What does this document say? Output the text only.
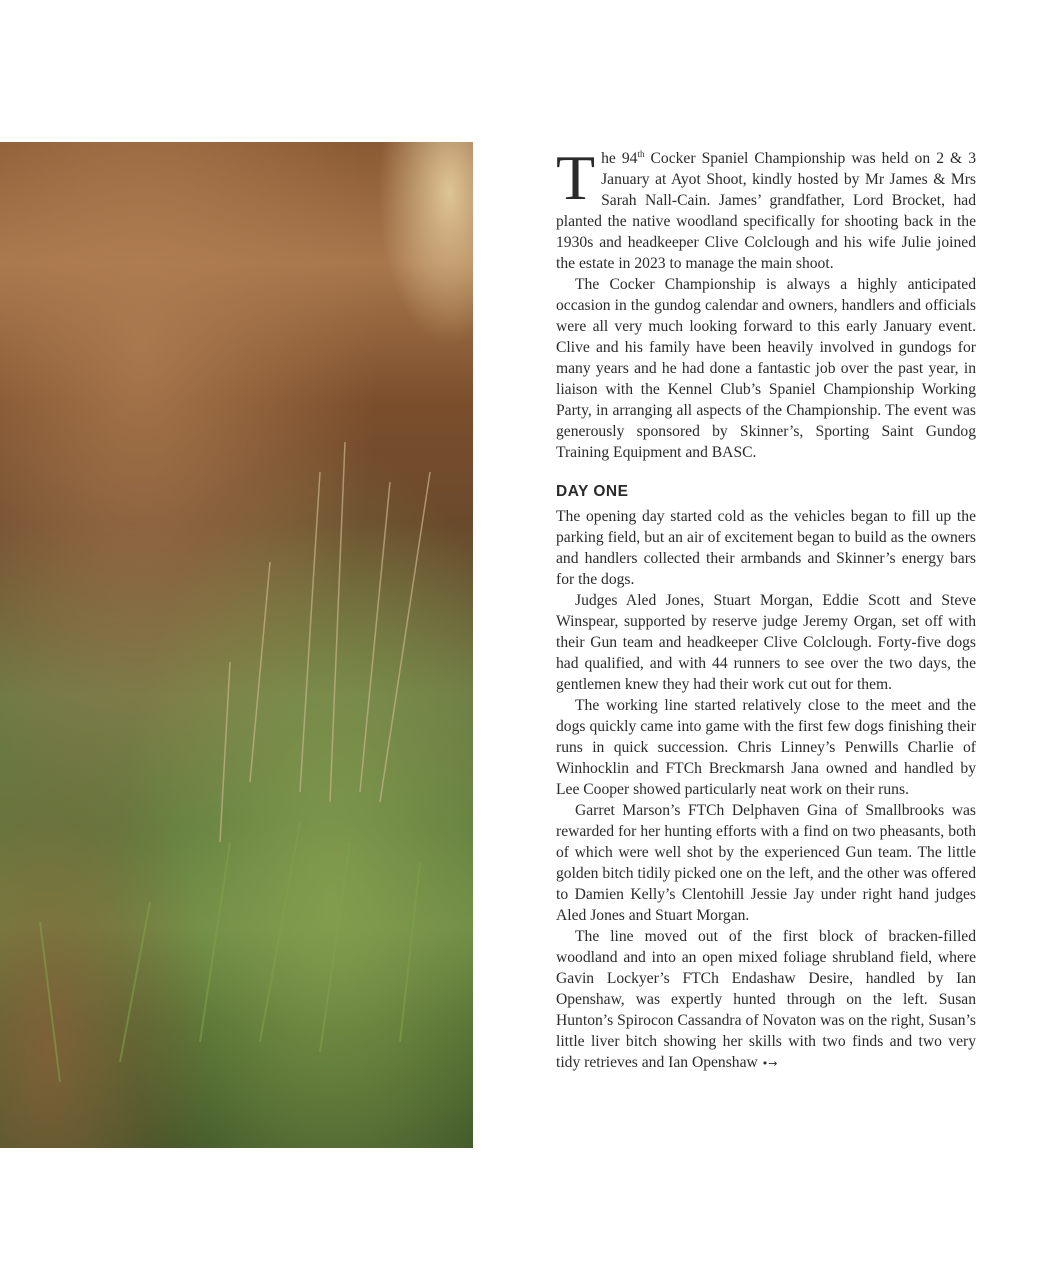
The 94th Cocker Spaniel Championship was held on 2 & 3 January at Ayot Shoot, kindly hosted by Mr James & Mrs Sarah Nall-Cain. James’ grandfather, Lord Brocket, had planted the native woodland specifically for shooting back in the 1930s and headkeeper Clive Colclough and his wife Julie joined the estate in 2023 to manage the main shoot.

The Cocker Championship is always a highly anticipated occasion in the gundog calendar and owners, handlers and officials were all very much looking forward to this early January event. Clive and his family have been heavily involved in gundogs for many years and he had done a fantastic job over the past year, in liaison with the Kennel Club’s Spaniel Championship Working Party, in arranging all aspects of the Championship. The event was generously sponsored by Skinner’s, Sporting Saint Gundog Training Equipment and BASC.

DAY ONE

The opening day started cold as the vehicles began to fill up the parking field, but an air of excitement began to build as the owners and handlers collected their armbands and Skinner’s energy bars for the dogs.

Judges Aled Jones, Stuart Morgan, Eddie Scott and Steve Winspear, supported by reserve judge Jeremy Organ, set off with their Gun team and headkeeper Clive Colclough. Forty-five dogs had qualified, and with 44 runners to see over the two days, the gentlemen knew they had their work cut out for them.

The working line started relatively close to the meet and the dogs quickly came into game with the first few dogs finishing their runs in quick succession. Chris Linney’s Penwills Charlie of Winhocklin and FTCh Breckmarsh Jana owned and handled by Lee Cooper showed particularly neat work on their runs.

Garret Marson’s FTCh Delphaven Gina of Smallbrooks was rewarded for her hunting efforts with a find on two pheasants, both of which were well shot by the experienced Gun team. The little golden bitch tidily picked one on the left, and the other was offered to Damien Kelly’s Clentohill Jessie Jay under right hand judges Aled Jones and Stuart Morgan.

The line moved out of the first block of bracken-filled woodland and into an open mixed foliage shrubland field, where Gavin Lockyer’s FTCh Endashaw Desire, handled by Ian Openshaw, was expertly hunted through on the left. Susan Hunton’s Spirocon Cassandra of Novaton was on the right, Susan’s little liver bitch showing her skills with two finds and two very tidy retrieves and Ian Openshaw •→
